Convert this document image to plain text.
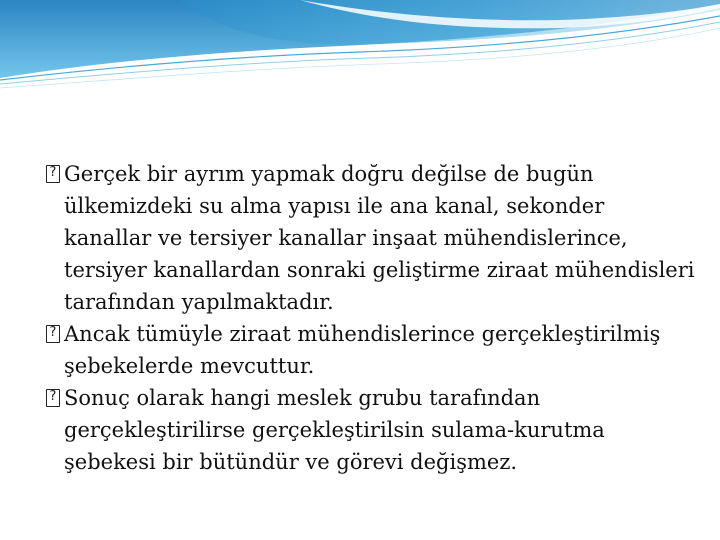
?
Gerçek bir ayrım yapmak doğru değilse de bugün ülkemizdeki su alma yapısı ile ana kanal, sekonder kanallar ve tersiyer kanallar inşaat mühendislerince, tersiyer kanallardan sonraki geliştirme ziraat mühendisleri tarafından yapılmaktadır.

?
Ancak tümüyle ziraat mühendislerince gerçekleştirilmiş şebekelerde mevcuttur.

?
Sonuç olarak hangi meslek grubu tarafından gerçekleştirilirse gerçekleştirilsin sulama-kurutma şebekesi bir bütündür ve görevi değişmez.
